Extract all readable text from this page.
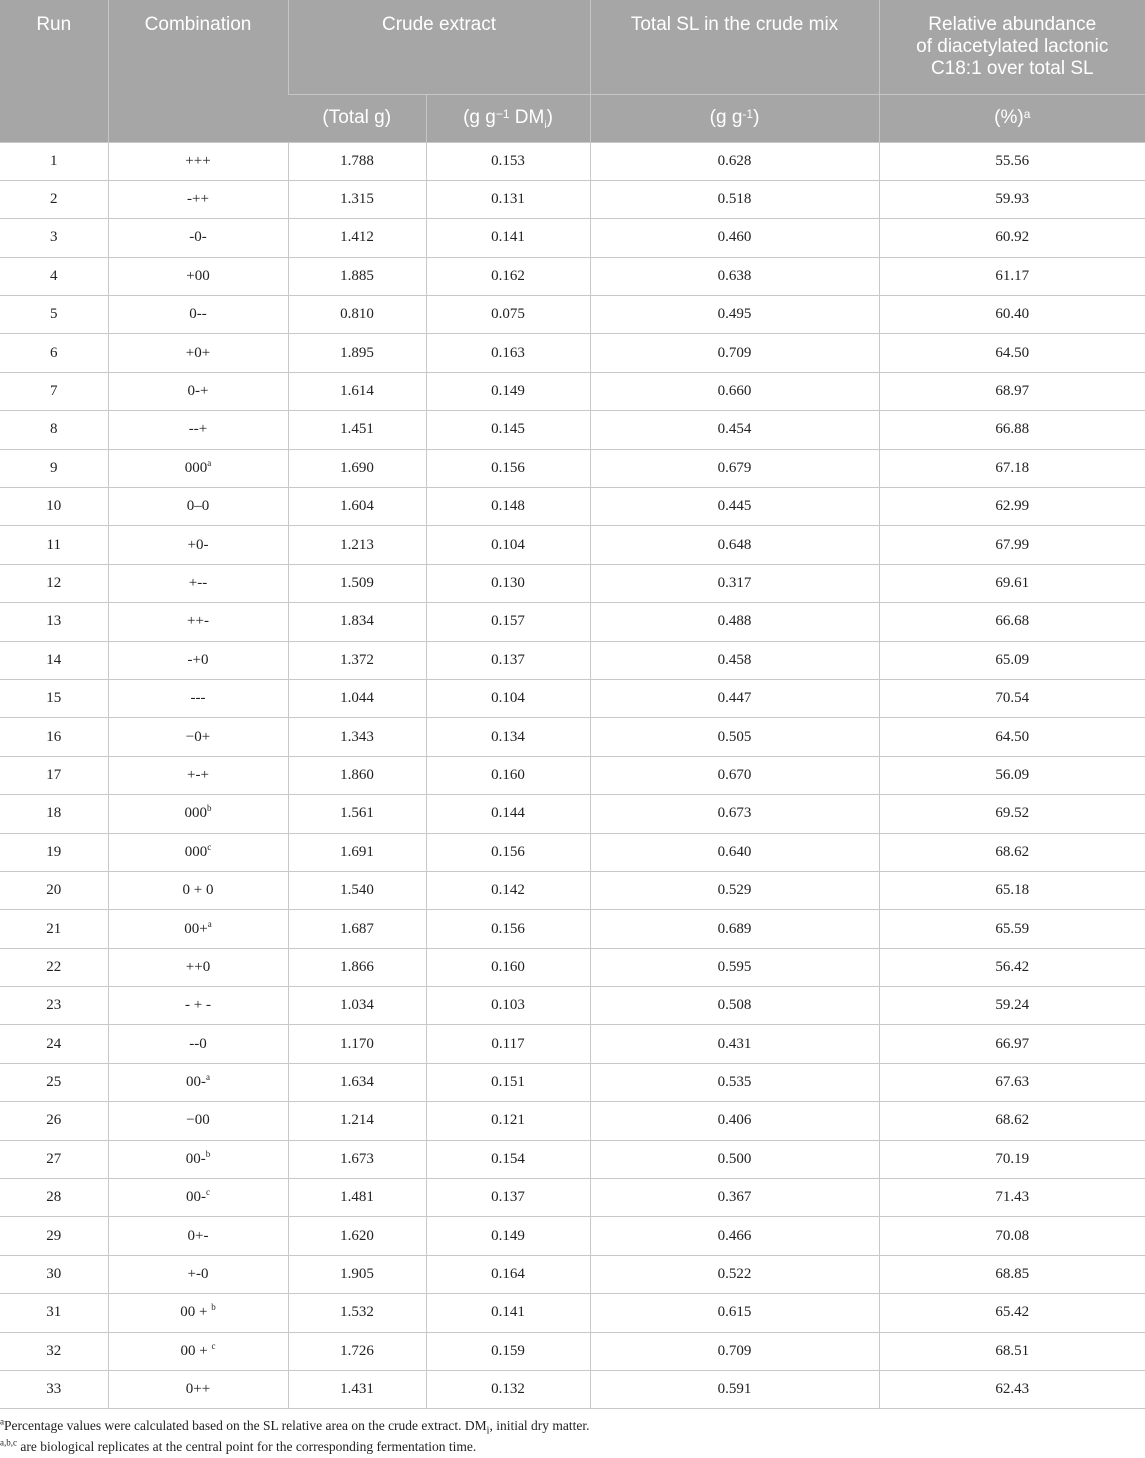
Run	Combination	Crude extract		Total SL in the crude mix	Relative abundance
of diacetylated lactonic
C18:1 over total SL
		(Total g)	(g $g^{-1}$ $DM_i$)	(g $g^{-1}$)	(%)$^a$
1	+++	1.788	0.153	0.628	55.56
2	-++	1.315	0.131	0.518	59.93
3	-0-	1.412	0.141	0.460	60.92
4	+00	1.885	0.162	0.638	61.17
5	0--	0.810	0.075	0.495	60.40
6	+0+	1.895	0.163	0.709	64.50
7	0-+	1.614	0.149	0.660	68.97
8	--+	1.451	0.145	0.454	66.88
9	000$^a$	1.690	0.156	0.679	67.18
10	0–0	1.604	0.148	0.445	62.99
11	+0-	1.213	0.104	0.648	67.99
12	+--	1.509	0.130	0.317	69.61
13	++-	1.834	0.157	0.488	66.68
14	-+0	1.372	0.137	0.458	65.09
15	---	1.044	0.104	0.447	70.54
16	−0+	1.343	0.134	0.505	64.50
17	+-+	1.860	0.160	0.670	56.09
18	000$^b$	1.561	0.144	0.673	69.52
19	000$^c$	1.691	0.156	0.640	68.62
20	0 + 0	1.540	0.142	0.529	65.18
21	00+$^a$	1.687	0.156	0.689	65.59
22	++0	1.866	0.160	0.595	56.42
23	- + -	1.034	0.103	0.508	59.24
24	--0	1.170	0.117	0.431	66.97
25	00-$^a$	1.634	0.151	0.535	67.63
26	−00	1.214	0.121	0.406	68.62
27	00-$^b$	1.673	0.154	0.500	70.19
28	00-$^c$	1.481	0.137	0.367	71.43
29	0+-	1.620	0.149	0.466	70.08
30	+-0	1.905	0.164	0.522	68.85
31	00 + $^b$	1.532	0.141	0.615	65.42
32	00 + $^c$	1.726	0.159	0.709	68.51
33	0++	1.431	0.132	0.591	62.43

$^a$Percentage values were calculated based on the SL relative area on the crude extract. $DM_i$, initial dry matter.

$^{a,b,c}$ are biological replicates at the central point for the corresponding fermentation time.
